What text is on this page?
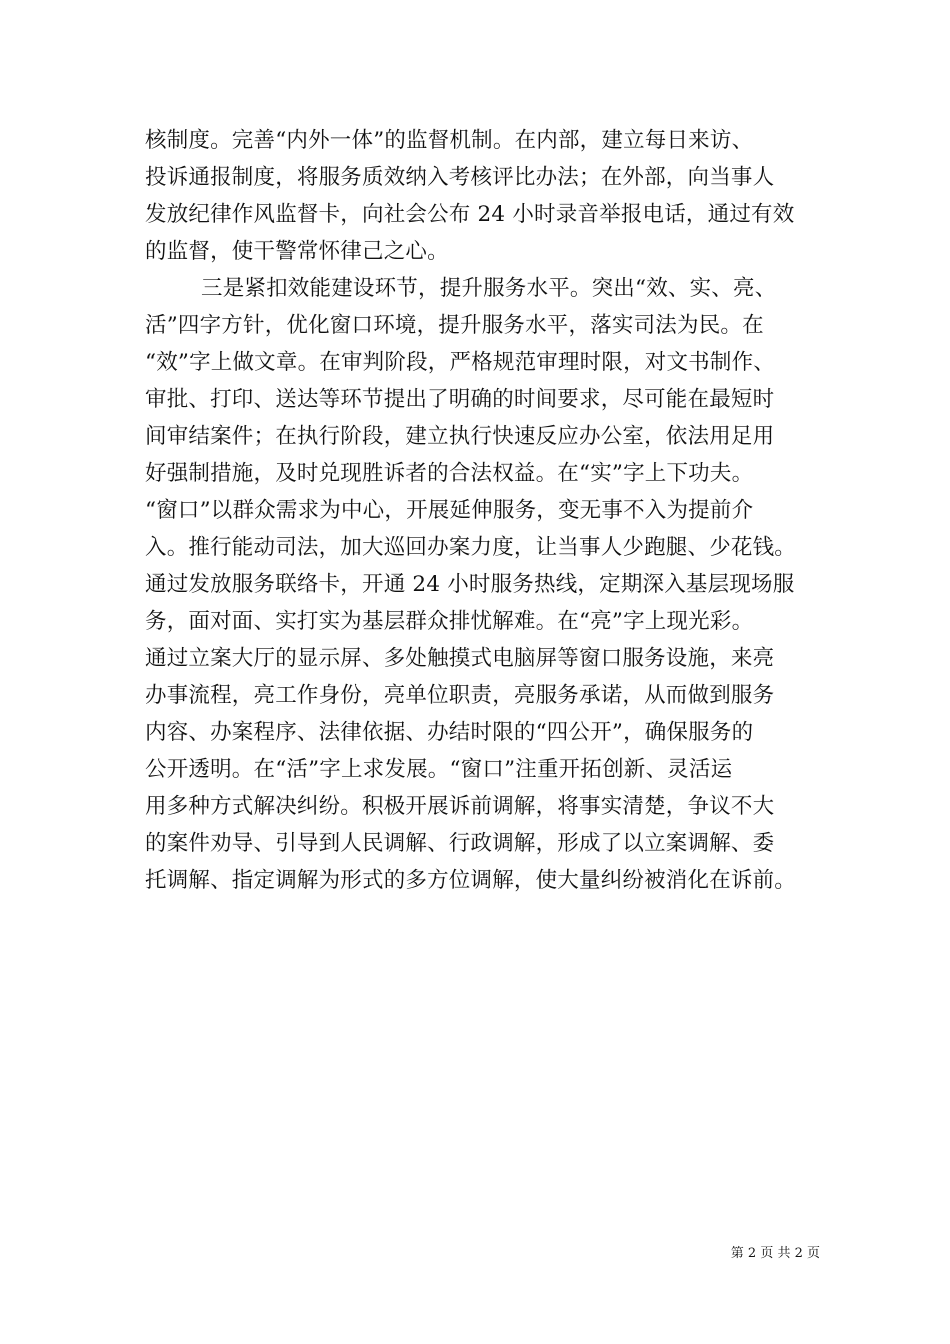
核制度。完善“内外一体”的监督机制。在内部，建立每日来访、
投诉通报制度，将服务质效纳入考核评比办法；在外部，向当事人
发放纪律作风监督卡，向社会公布 24 小时录音举报电话，通过有效
的监督，使干警常怀律己之心。
三是紧扣效能建设环节，提升服务水平。突出“效、实、亮、
活”四字方针，优化窗口环境，提升服务水平，落实司法为民。在
“效”字上做文章。在审判阶段，严格规范审理时限，对文书制作、
审批、打印、送达等环节提出了明确的时间要求，尽可能在最短时
间审结案件；在执行阶段，建立执行快速反应办公室，依法用足用
好强制措施，及时兑现胜诉者的合法权益。在“实”字上下功夫。
“窗口”以群众需求为中心，开展延伸服务，变无事不入为提前介
入。推行能动司法，加大巡回办案力度，让当事人少跑腿、少花钱。
通过发放服务联络卡，开通 24 小时服务热线，定期深入基层现场服
务，面对面、实打实为基层群众排忧解难。在“亮”字上现光彩。
通过立案大厅的显示屏、多处触摸式电脑屏等窗口服务设施，来亮
办事流程，亮工作身份，亮单位职责，亮服务承诺，从而做到服务
内容、办案程序、法律依据、办结时限的“四公开”，确保服务的
公开透明。在“活”字上求发展。“窗口”注重开拓创新、灵活运
用多种方式解决纠纷。积极开展诉前调解，将事实清楚，争议不大
的案件劝导、引导到人民调解、行政调解，形成了以立案调解、委
托调解、指定调解为形式的多方位调解，使大量纠纷被消化在诉前。
第 2 页 共 2 页
